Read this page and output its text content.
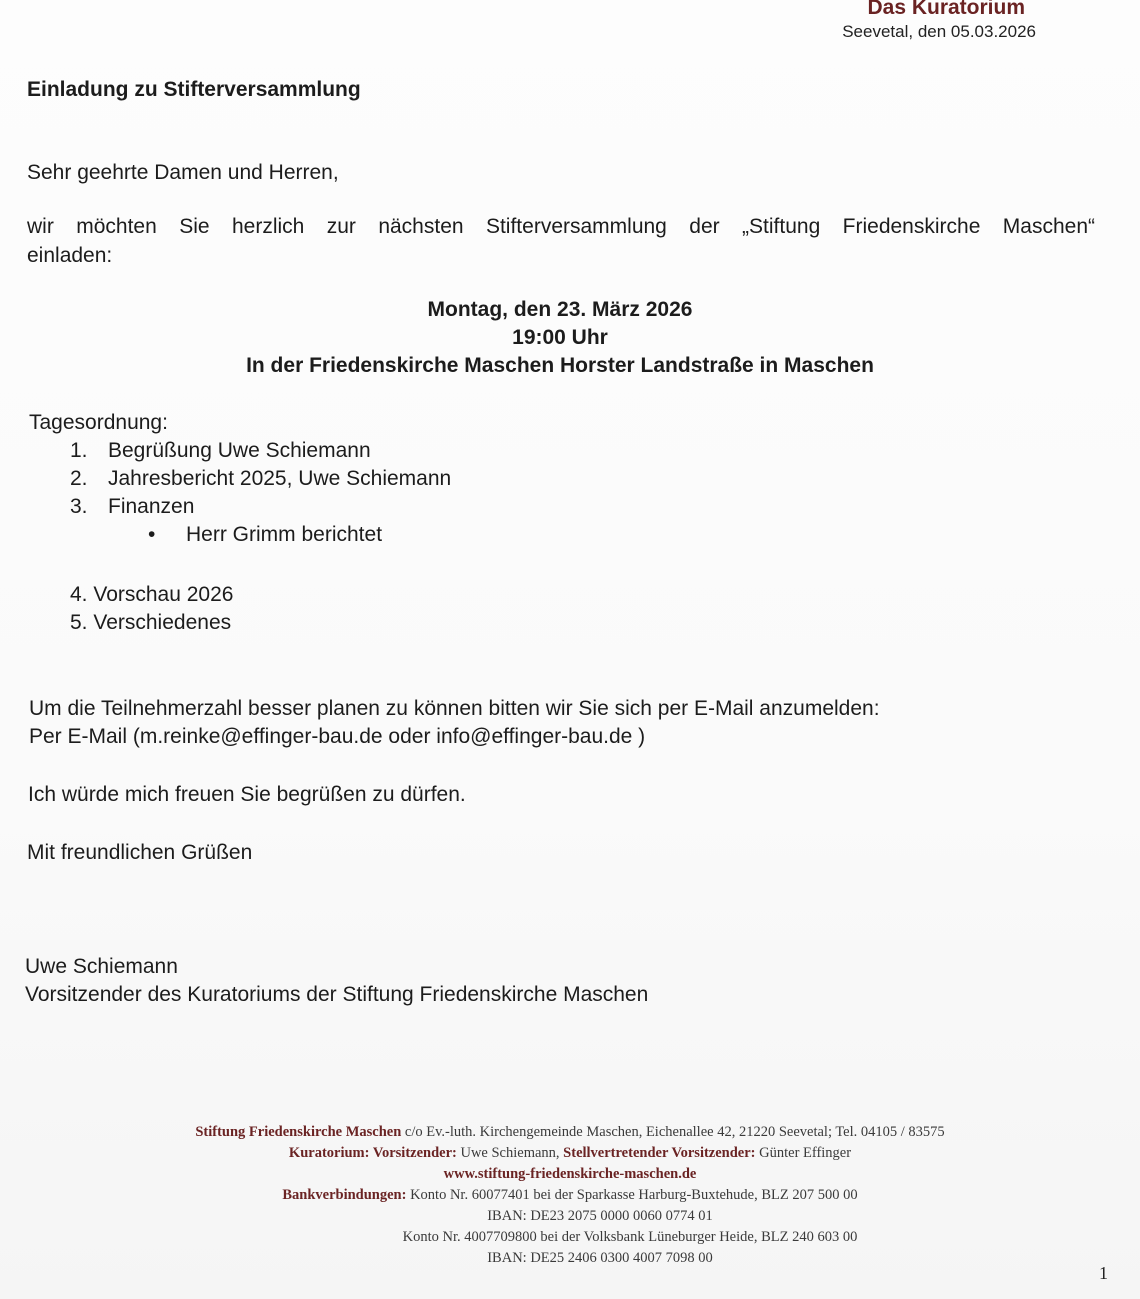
Das Kuratorium
Seevetal, den 05.03.2026
Einladung zu Stifterversammlung
Sehr geehrte Damen und Herren,
wir möchten Sie herzlich zur nächsten Stifterversammlung der „Stiftung Friedenskirche Maschen“
einladen:
Montag, den 23. März 2026
19:00 Uhr
In der Friedenskirche Maschen Horster Landstraße in Maschen
Tagesordnung:
1. Begrüßung Uwe Schiemann
2. Jahresbericht 2025, Uwe Schiemann
3. Finanzen
• Herr Grimm berichtet
4. Vorschau 2026
5. Verschiedenes
Um die Teilnehmerzahl besser planen zu können bitten wir Sie sich per E-Mail anzumelden:
Per E-Mail (m.reinke@effinger-bau.de oder info@effinger-bau.de )
Ich würde mich freuen Sie begrüßen zu dürfen.
Mit freundlichen Grüßen
Uwe Schiemann
Vorsitzender des Kuratoriums der Stiftung Friedenskirche Maschen
Stiftung Friedenskirche Maschen c/o Ev.-luth. Kirchengemeinde Maschen, Eichenallee 42, 21220 Seevetal; Tel. 04105 / 83575
Kuratorium: Vorsitzender: Uwe Schiemann, Stellvertretender Vorsitzender: Günter Effinger
www.stiftung-friedenskirche-maschen.de
Bankverbindungen: Konto Nr. 60077401 bei der Sparkasse Harburg-Buxtehude, BLZ 207 500 00
IBAN: DE23 2075 0000 0060 0774 01
Konto Nr. 4007709800 bei der Volksbank Lüneburger Heide, BLZ 240 603 00
IBAN: DE25 2406 0300 4007 7098 00
1
